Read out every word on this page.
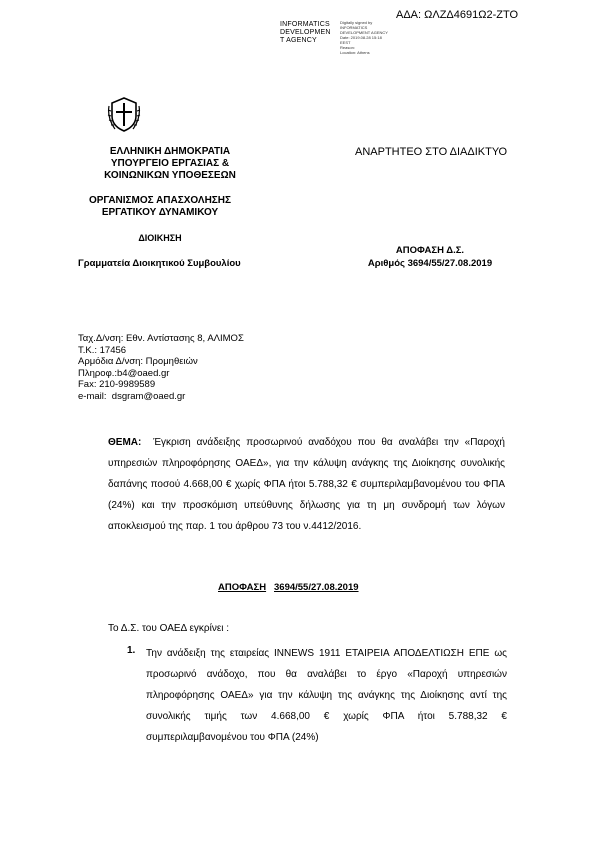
ΑΔΑ: ΩΛΖΔ4691Ω2-ΖΤΟ
INFORMATICS
DEVELOPMEN
T AGENCY
Digitally signed by
INFORMATICS
DEVELOPMENT AGENCY
Date: 2019.08.28 15:18
EEST
Reason:
Location: Athens
ΕΛΛΗΝΙΚΗ ΔΗΜΟΚΡΑΤΙΑ
ΥΠΟΥΡΓΕΙΟ ΕΡΓΑΣΙΑΣ &
ΚΟΙΝΩΝΙΚΩΝ ΥΠΟΘΕΣΕΩΝ
ΟΡΓΑΝΙΣΜΟΣ ΑΠΑΣΧΟΛΗΣΗΣ
ΕΡΓΑΤΙΚΟΥ ΔΥΝΑΜΙΚΟΥ
ΔΙΟΙΚΗΣΗ
Γραμματεία Διοικητικού Συμβουλίου
ΑΝΑΡΤΗΤΕΟ ΣΤΟ ΔΙΑΔΙΚΤΥΟ
ΑΠΟΦΑΣΗ Δ.Σ.
Αριθμός 3694/55/27.08.2019
Ταχ.Δ/νση: Εθν. Αντίστασης 8, ΑΛΙΜΟΣ
Τ.Κ.: 17456
Αρμόδια Δ/νση: Προμηθειών
Πληροφ.:b4@oaed.gr
Fax: 210-9989589
e-mail:  dsgram@oaed.gr
ΘΕΜΑ: Έγκριση ανάδειξης προσωρινού αναδόχου που θα αναλάβει την «Παροχή υπηρεσιών πληροφόρησης ΟΑΕΔ», για την κάλυψη ανάγκης της Διοίκησης συνολικής δαπάνης ποσού 4.668,00 € χωρίς ΦΠΑ ήτοι 5.788,32 € συμπεριλαμβανομένου του ΦΠΑ (24%) και την προσκόμιση υπεύθυνης δήλωσης για τη μη συνδρομή των λόγων αποκλεισμού της παρ. 1 του άρθρου 73 του ν.4412/2016.
ΑΠΟΦΑΣΗ 3694/55/27.08.2019
Το Δ.Σ. του ΟΑΕΔ εγκρίνει :
1. Την ανάδειξη της εταιρείας INNEWS 1911 ΕΤΑΙΡΕΙΑ ΑΠΟΔΕΛΤΙΩΣΗ ΕΠΕ ως προσωρινό ανάδοχο, που θα αναλάβει το έργο «Παροχή υπηρεσιών πληροφόρησης ΟΑΕΔ» για την κάλυψη της ανάγκης της Διοίκησης αντί της συνολικής τιμής των 4.668,00 € χωρίς ΦΠΑ ήτοι 5.788,32 € συμπεριλαμβανομένου του ΦΠΑ (24%)
